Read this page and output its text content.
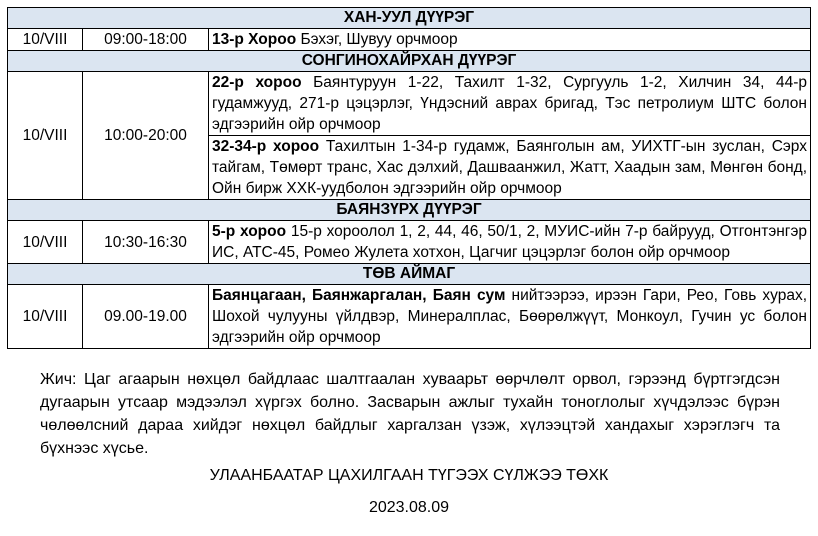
ХАН-УУЛ ДҮҮРЭГ		
10/VIII	09:00-18:00	13-р Хороо Бэхэг, Шувуу орчмоор
СОНГИНОХАЙРХАН ДҮҮРЭГ		
10/VIII	10:00-20:00	22-р хороо Баянтуруун 1-22, Тахилт 1-32, Сургууль 1-2, Хилчин 34, 44-р гудамжууд, 271-р цэцэрлэг, Үндэсний аврах бригад, Тэс петролиум ШТС болон эдгээрийн ойр орчмоор
		32-34-р хороо Тахилтын 1-34-р гудамж, Баянголын ам, УИХТГ-ын зуслан, Сэрх тайгам, Төмөрт транс, Хас дэлхий, Дашваанжил, Жатт, Хаадын зам, Мөнгөн бонд, Ойн бирж ХХК-уудболон эдгээрийн ойр орчмоор
БАЯНЗҮРХ ДҮҮРЭГ		
10/VIII	10:30-16:30	5-р хороо 15-р хороолол 1, 2, 44, 46, 50/1, 2, МУИС-ийн 7-р байрууд, Отгонтэнгэр ИС, АТС-45, Ромео Жулета хотхон, Цагчиг цэцэрлэг болон ойр орчмоор
ТӨВ АЙМАГ		
10/VIII	09.00-19.00	Баянцагаан, Баянжаргалан, Баян сум нийтээрээ, ирээн Гари, Рео, Говь хурах, Шохой чулууны үйлдвэр, Минералплас, Бөөрөлжүүт, Монкоул, Гучин ус болон эдгээрийн ойр орчмоор
Жич: Цаг агаарын нөхцөл байдлаас шалтгаалан хуваарьт өөрчлөлт орвол, гэрээнд бүртгэгдсэн дугаарын утсаар мэдээлэл хүргэх болно. Засварын ажлыг тухайн тоноглолыг хүчдэлээс бүрэн чөлөөлсний дараа хийдэг нөхцөл байдлыг харгалзан үзэж, хүлээцтэй хандахыг хэрэглэгч та бүхнээс хүсье.
УЛААНБААТАР ЦАХИЛГААН ТҮГЭЭХ СҮЛЖЭЭ ТӨХК
2023.08.09
